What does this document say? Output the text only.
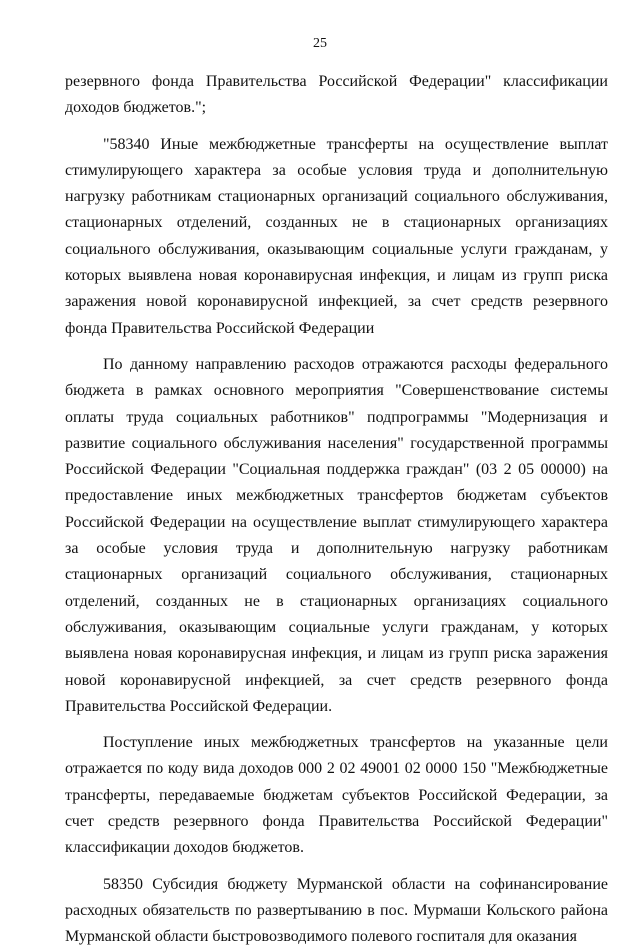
25

резервного фонда Правительства Российской Федерации" классификации доходов бюджетов.";

"58340 Иные межбюджетные трансферты на осуществление выплат стимулирующего характера за особые условия труда и дополнительную нагрузку работникам стационарных организаций социального обслуживания, стационарных отделений, созданных не в стационарных организациях социального обслуживания, оказывающим социальные услуги гражданам, у которых выявлена новая коронавирусная инфекция, и лицам из групп риска заражения новой коронавирусной инфекцией, за счет средств резервного фонда Правительства Российской Федерации

По данному направлению расходов отражаются расходы федерального бюджета в рамках основного мероприятия "Совершенствование системы оплаты труда социальных работников" подпрограммы "Модернизация и развитие социального обслуживания населения" государственной программы Российской Федерации "Социальная поддержка граждан" (03 2 05 00000) на предоставление иных межбюджетных трансфертов бюджетам субъектов Российской Федерации на осуществление выплат стимулирующего характера за особые условия труда и дополнительную нагрузку работникам стационарных организаций социального обслуживания, стационарных отделений, созданных не в стационарных организациях социального обслуживания, оказывающим социальные услуги гражданам, у которых выявлена новая коронавирусная инфекция, и лицам из групп риска заражения новой коронавирусной инфекцией, за счет средств резервного фонда Правительства Российской Федерации.

Поступление иных межбюджетных трансфертов на указанные цели отражается по коду вида доходов 000 2 02 49001 02 0000 150 "Межбюджетные трансферты, передаваемые бюджетам субъектов Российской Федерации, за счет средств резервного фонда Правительства Российской Федерации" классификации доходов бюджетов.

58350 Субсидия бюджету Мурманской области на софинансирование расходных обязательств по развертыванию в пос. Мурмаши Кольского района Мурманской области быстровозводимого полевого госпиталя для оказания
